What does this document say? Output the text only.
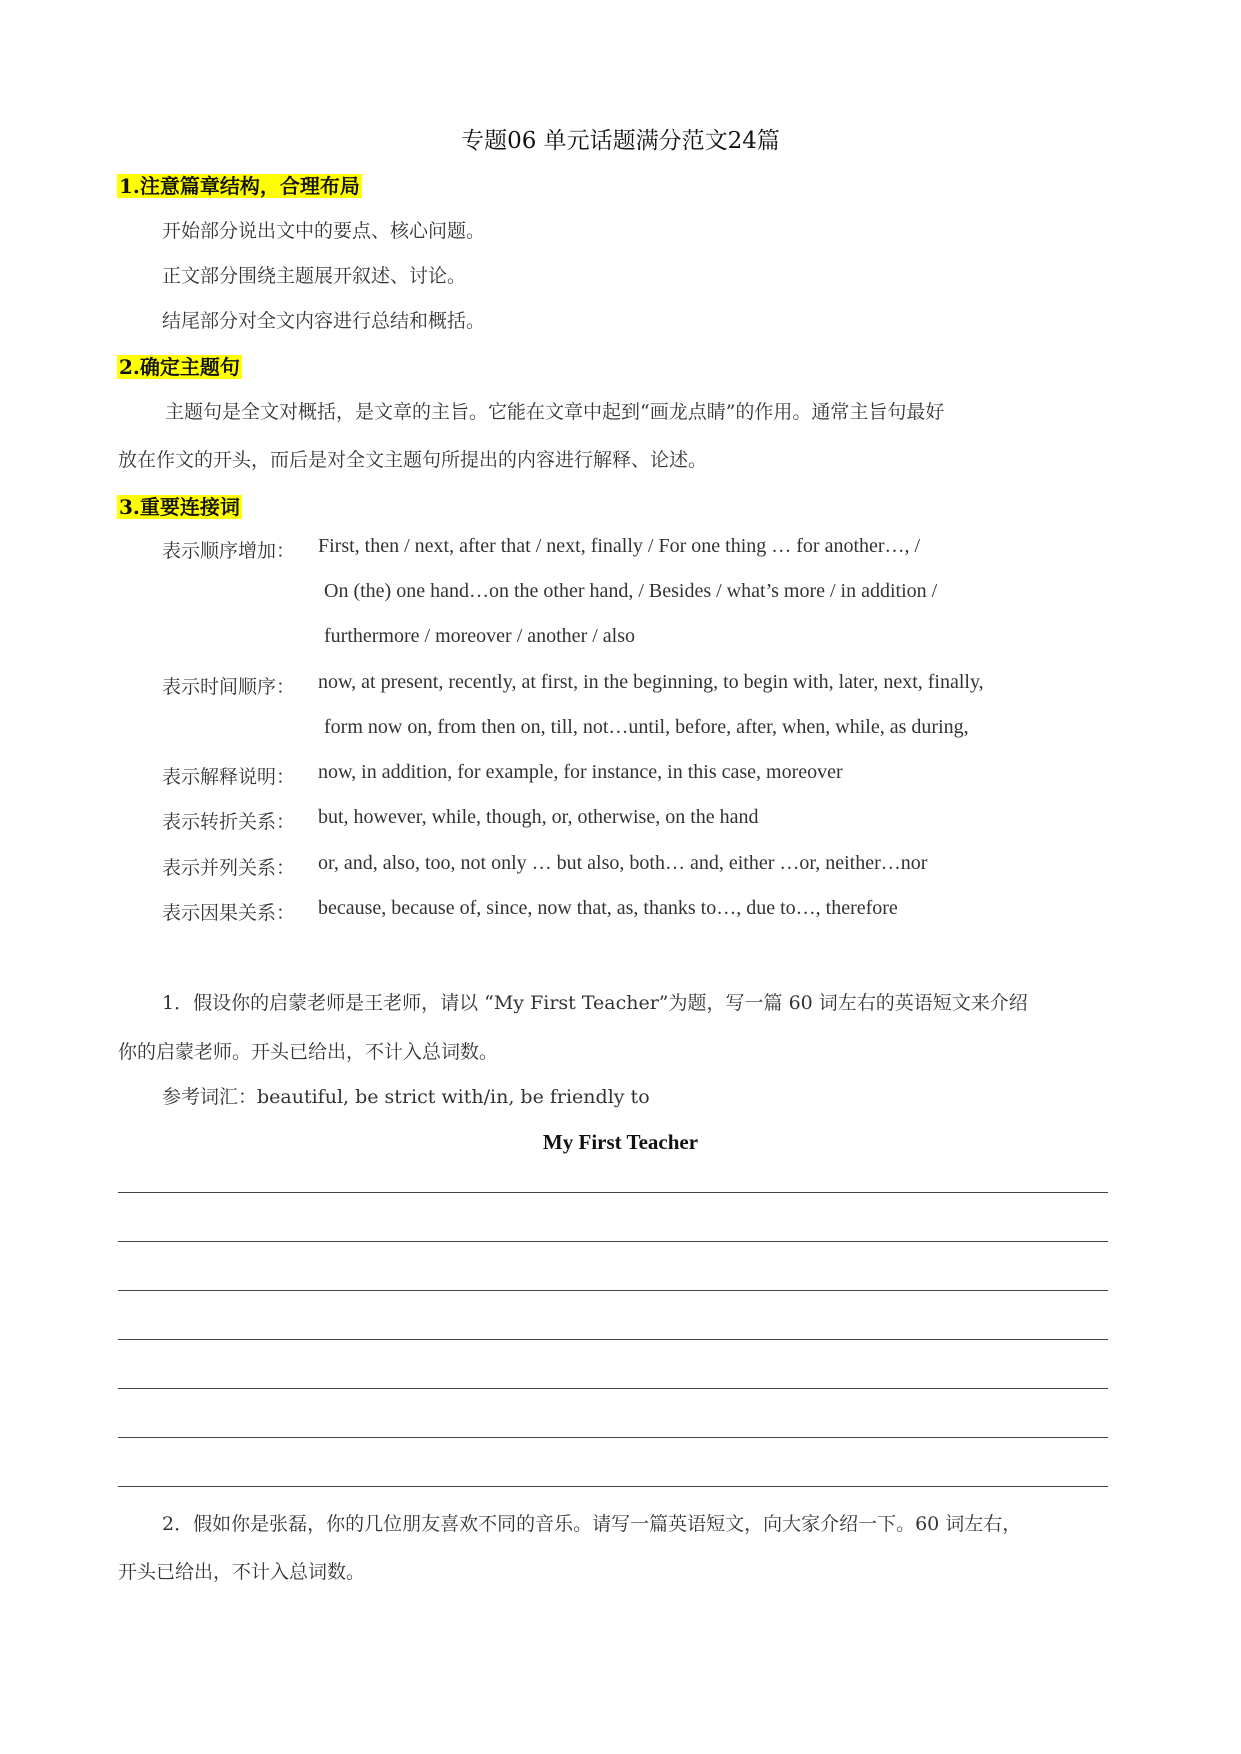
专题06 单元话题满分范文24篇
1.注意篇章结构，合理布局
开始部分说出文中的要点、核心问题。
正文部分围绕主题展开叙述、讨论。
结尾部分对全文内容进行总结和概括。
2.确定主题句
主题句是全文对概括，是文章的主旨。它能在文章中起到“画龙点睛”的作用。通常主旨句最好
放在作文的开头，而后是对全文主题句所提出的内容进行解释、论述。
3.重要连接词
表示顺序增加： First, then / next, after that / next, finally / For one thing … for another…, /
On (the) one hand…on the other hand, / Besides / what’s more / in addition /
furthermore / moreover / another / also
表示时间顺序： now, at present, recently, at first, in the beginning, to begin with, later, next, finally,
form now on, from then on, till, not…until, before, after, when, while, as during,
表示解释说明： now, in addition, for example, for instance, in this case, moreover
表示转折关系： but, however, while, though, or, otherwise, on the hand
表示并列关系： or, and, also, too, not only … but also, both… and, either …or, neither…nor
表示因果关系： because, because of, since, now that, as, thanks to…, due to…, therefore
1．假设你的启蒙老师是王老师，请以 “My First Teacher”为题，写一篇 60 词左右的英语短文来介绍
你的启蒙老师。开头已给出，不计入总词数。
参考词汇：beautiful, be strict with/in, be friendly to
My First Teacher
2．假如你是张磊，你的几位朋友喜欢不同的音乐。请写一篇英语短文，向大家介绍一下。60 词左右，
开头已给出，不计入总词数。
